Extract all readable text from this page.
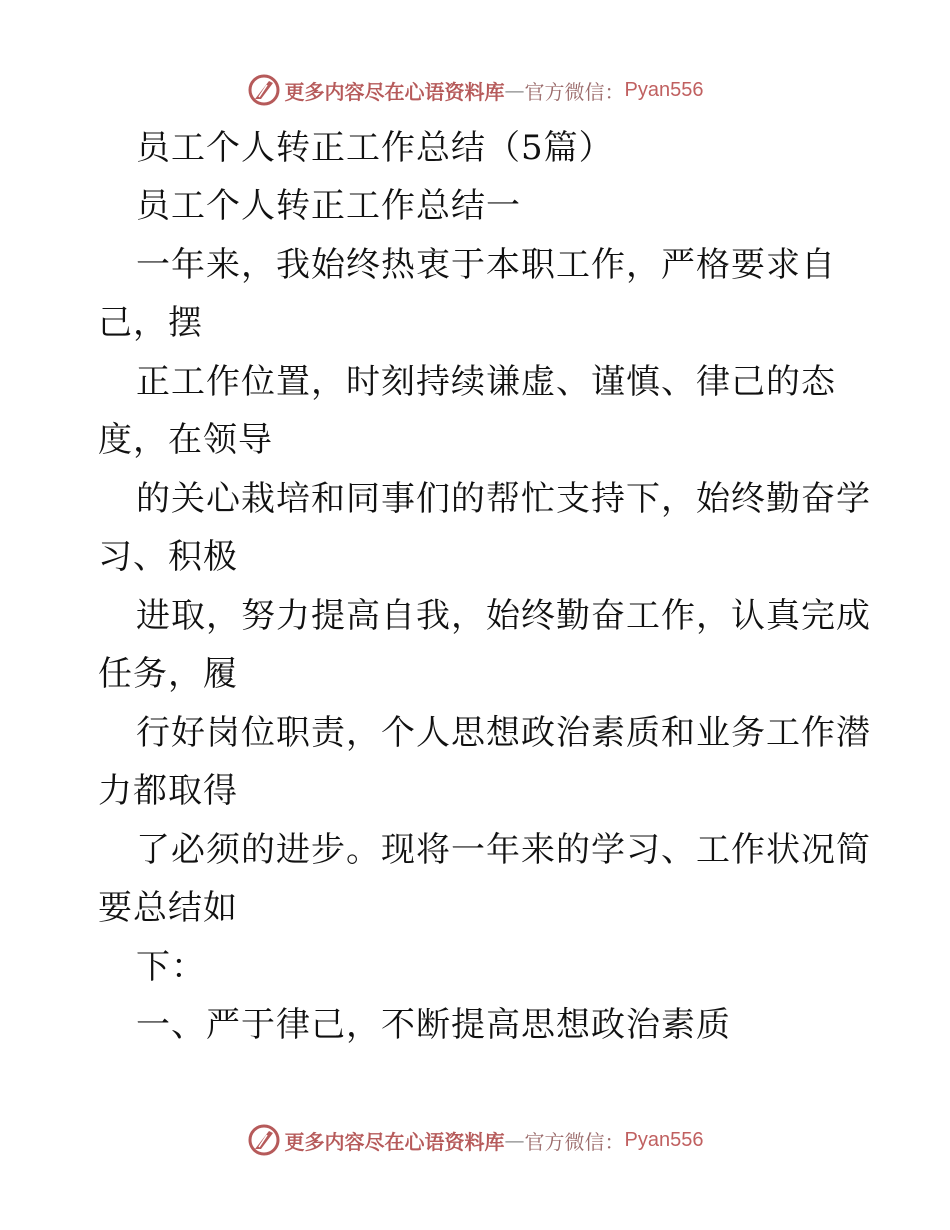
更多内容尽在心语资料库 — 官方微信： Pyan556
员工个人转正工作总结（5篇）
员工个人转正工作总结一
一年来，我始终热衷于本职工作，严格要求自
己，摆
正工作位置，时刻持续谦虚、谨慎、律己的态
度，在领导
的关心栽培和同事们的帮忙支持下，始终勤奋学
习、积极
进取，努力提高自我，始终勤奋工作，认真完成
任务，履
行好岗位职责，个人思想政治素质和业务工作潜
力都取得
了必须的进步。现将一年来的学习、工作状况简
要总结如
下：
一、严于律己，不断提高思想政治素质
更多内容尽在心语资料库 — 官方微信： Pyan556
